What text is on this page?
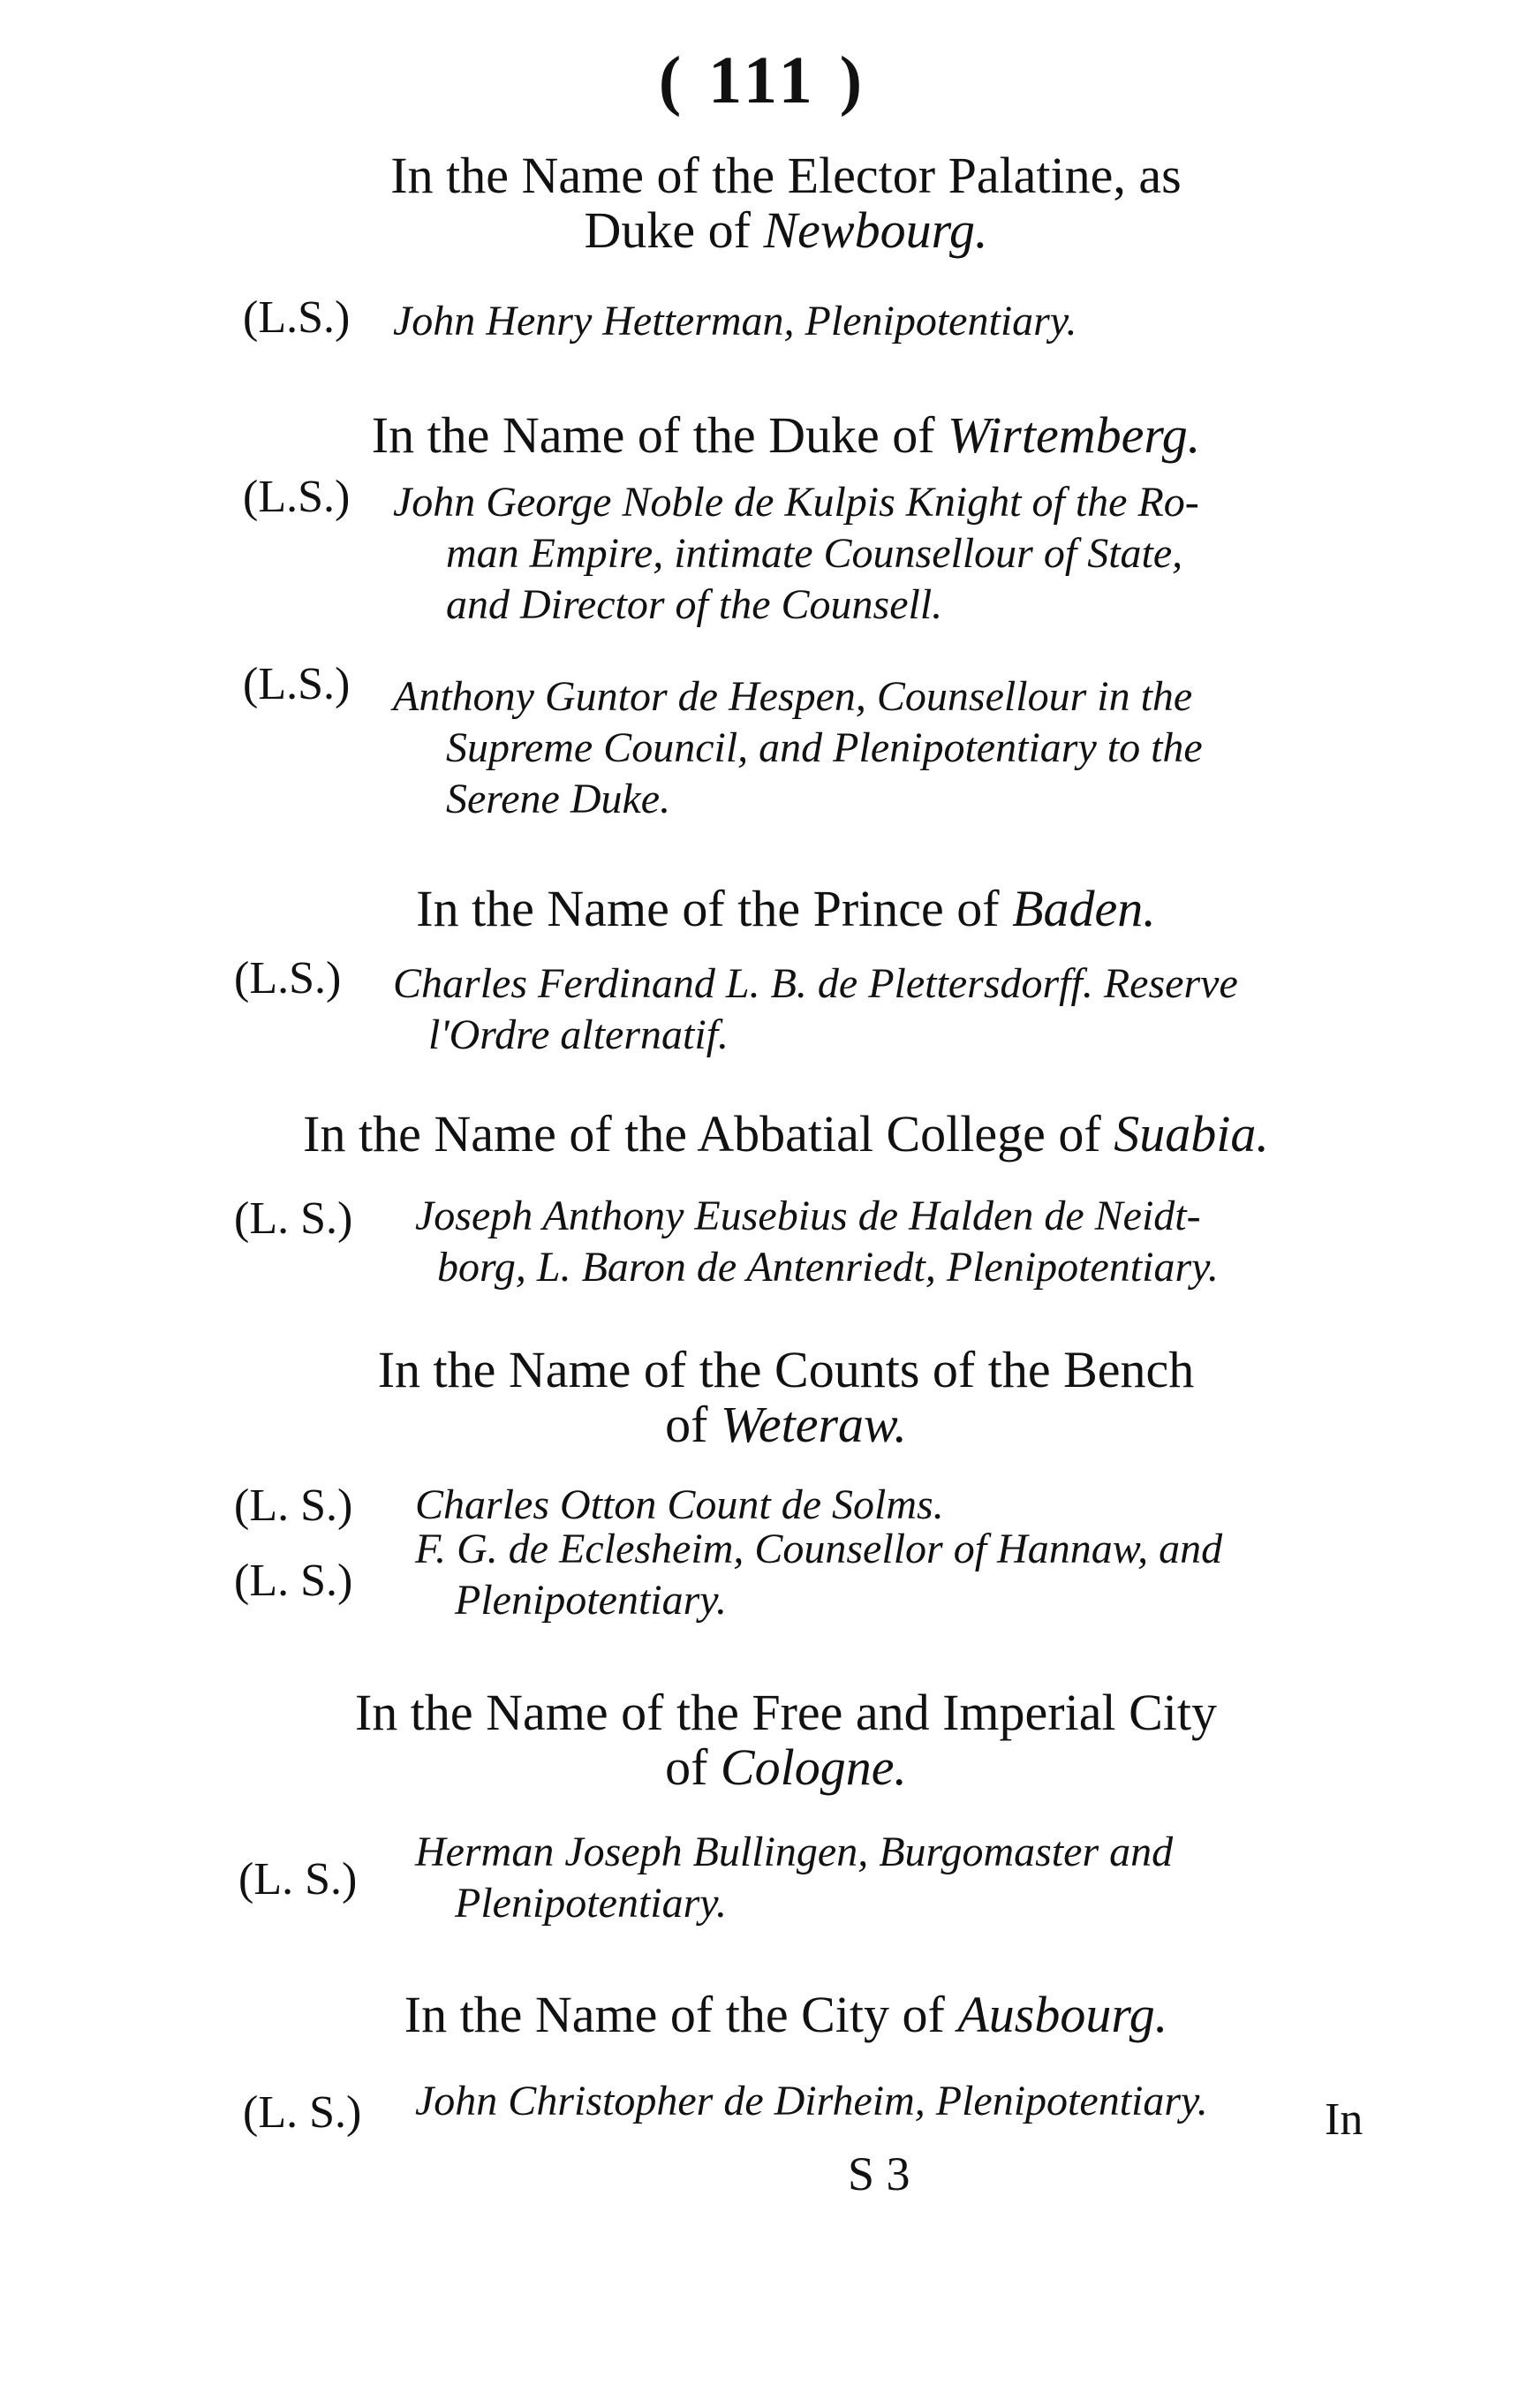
( 111 )
In the Name of the Elector Palatine, as
Duke of Newbourg.
(L.S.) John Henry Hetterman, Plenipotentiary.
In the Name of the Duke of Wirtemberg.
(L.S.) John George Noble de Kulpis Knight of the Ro-
man Empire, intimate Counsellour of State,
and Director of the Counsell.
(L.S.) Anthony Guntor de Hespen, Counsellour in the
Supreme Council, and Plenipotentiary to the
Serene Duke.
In the Name of the Prince of Baden.
(L.S.) Charles Ferdinand L. B. de Plettersdorff. Reserve
l'Ordre alternatif.
In the Name of the Abbatial College of Suabia.
(L. S.) Joseph Anthony Eusebius de Halden de Neidt-
borg, L. Baron de Antenriedt, Plenipotentiary.
In the Name of the Counts of the Bench
of Weteraw.
(L. S.) Charles Otton Count de Solms.
(L. S.)
F. G. de Eclesheim, Counsellor of Hannaw, and
Plenipotentiary.
In the Name of the Free and Imperial City
of Cologne.
(L. S.)
Herman Joseph Bullingen, Burgomaster and
Plenipotentiary.
In the Name of the City of Ausbourg.
(L. S.) John Christopher de Dirheim, Plenipotentiary.	In
S 3
